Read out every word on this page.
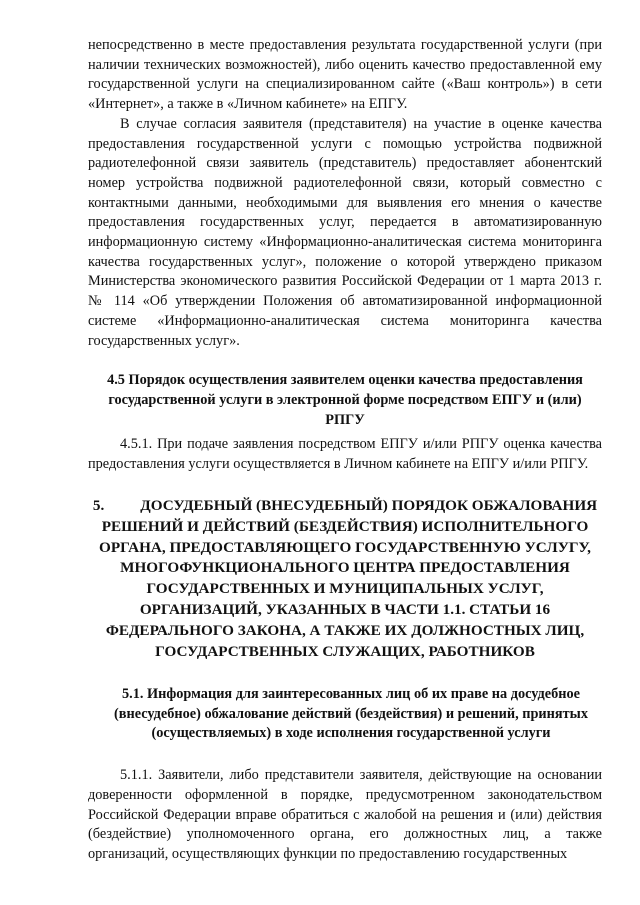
непосредственно в месте предоставления результата государственной услуги (при наличии технических возможностей), либо оценить качество предоставленной ему государственной услуги на специализированном сайте («Ваш контроль») в сети «Интернет», а также в «Личном кабинете» на ЕПГУ.

В случае согласия заявителя (представителя) на участие в оценке качества предоставления государственной услуги с помощью устройства подвижной радиотелефонной связи заявитель (представитель) предоставляет абонентский номер устройства подвижной радиотелефонной связи, который совместно с контактными данными, необходимыми для выявления его мнения о качестве предоставления государственных услуг, передается в автоматизированную информационную систему «Информационно-аналитическая система мониторинга качества государственных услуг», положение о которой утверждено приказом Министерства экономического развития Российской Федерации от 1 марта 2013 г. № 114 «Об утверждении Положения об автоматизированной информационной системе «Информационно-аналитическая система мониторинга качества государственных услуг».

4.5 Порядок осуществления заявителем оценки качества предоставления государственной услуги в электронной форме посредством ЕПГУ и (или) РПГУ

4.5.1. При подаче заявления посредством ЕПГУ и/или РПГУ оценка качества предоставления услуги осуществляется в Личном кабинете на ЕПГУ и/или РПГУ.

5. ДОСУДЕБНЫЙ (ВНЕСУДЕБНЫЙ) ПОРЯДОК ОБЖАЛОВАНИЯ РЕШЕНИЙ И ДЕЙСТВИЙ (БЕЗДЕЙСТВИЯ) ИСПОЛНИТЕЛЬНОГО ОРГАНА, ПРЕДОСТАВЛЯЮЩЕГО ГОСУДАРСТВЕННУЮ УСЛУГУ, МНОГОФУНКЦИОНАЛЬНОГО ЦЕНТРА ПРЕДОСТАВЛЕНИЯ ГОСУДАРСТВЕННЫХ И МУНИЦИПАЛЬНЫХ УСЛУГ, ОРГАНИЗАЦИЙ, УКАЗАННЫХ В ЧАСТИ 1.1. СТАТЬИ 16 ФЕДЕРАЛЬНОГО ЗАКОНА, А ТАКЖЕ ИХ ДОЛЖНОСТНЫХ ЛИЦ, ГОСУДАРСТВЕННЫХ СЛУЖАЩИХ, РАБОТНИКОВ

5.1. Информация для заинтересованных лиц об их праве на досудебное (внесудебное) обжалование действий (бездействия) и решений, принятых (осуществляемых) в ходе исполнения государственной услуги

5.1.1. Заявители, либо представители заявителя, действующие на основании доверенности оформленной в порядке, предусмотренном законодательством Российской Федерации вправе обратиться с жалобой на решения и (или) действия (бездействие) уполномоченного органа, его должностных лиц, а также организаций, осуществляющих функции по предоставлению государственных
